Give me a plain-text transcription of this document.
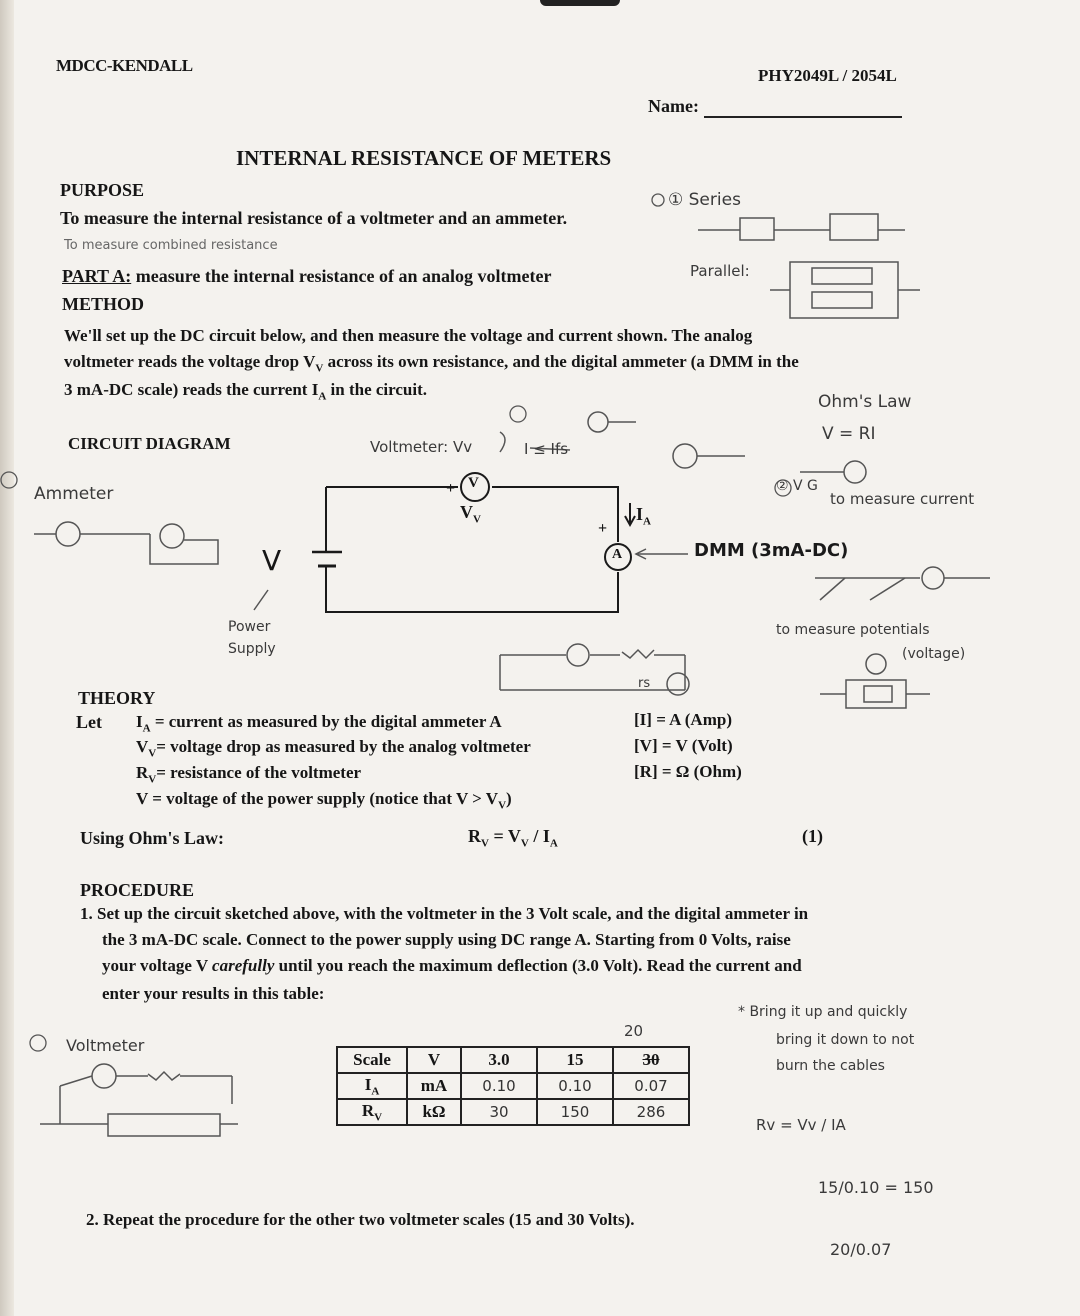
MDCC-KENDALL
PHY2049L / 2054L
Name:
INTERNAL RESISTANCE OF METERS
PURPOSE
To measure the internal resistance of a voltmeter and an ammeter.
PART A: measure the internal resistance of an analog voltmeter
METHOD
We'll set up the DC circuit below, and then measure the voltage and current shown. The analog
voltmeter reads the voltage drop $V_V$ across its own resistance, and the digital ammeter (a DMM in the
3 mA-DC scale) reads the current $I_A$ in the circuit.
CIRCUIT DIAGRAM
V
A
+	-
+
V
$V_V$	$I_A$
① Series
To measure combined resistance
Parallel:
Ohm's Law
V = RI
② V G
Voltmeter: Vv	I ≤ Ifs
Ammeter	to measure current
DMM (3mA-DC)
Power Supply
to measure potentials
(voltage)
rs
THEORY
Let $I_A$ = current as measured by the digital ammeter A
$V_V=$ voltage drop as measured by the analog voltmeter
$R_V=$ resistance of the voltmeter
V = voltage of the power supply (notice that $V > V_V$)
[I] = A (Amp)
[V] = V (Volt)
[R] = Ω (Ohm)
Using Ohm's Law:	$R_V = V_V / I_A$	(1)
PROCEDURE
1. Set up the circuit sketched above, with the voltmeter in the 3 Volt scale, and the digital ammeter in
the 3 mA-DC scale. Connect to the power supply using DC range A. Starting from 0 Volts, raise
your voltage V carefully until you reach the maximum deflection (3.0 Volt). Read the current and
enter your results in this table:
Voltmeter
20
* Bring it up and quickly
bring it down to not
burn the cables
Rv = Vv / IA
15/0.10 = 150
20/0.07
Scale	V	3.0	15	30
$I_A$	mA	0.10	0.10	0.07
$R_V$	kΩ	30	150	286
2. Repeat the procedure for the other two voltmeter scales (15 and 30 Volts).
